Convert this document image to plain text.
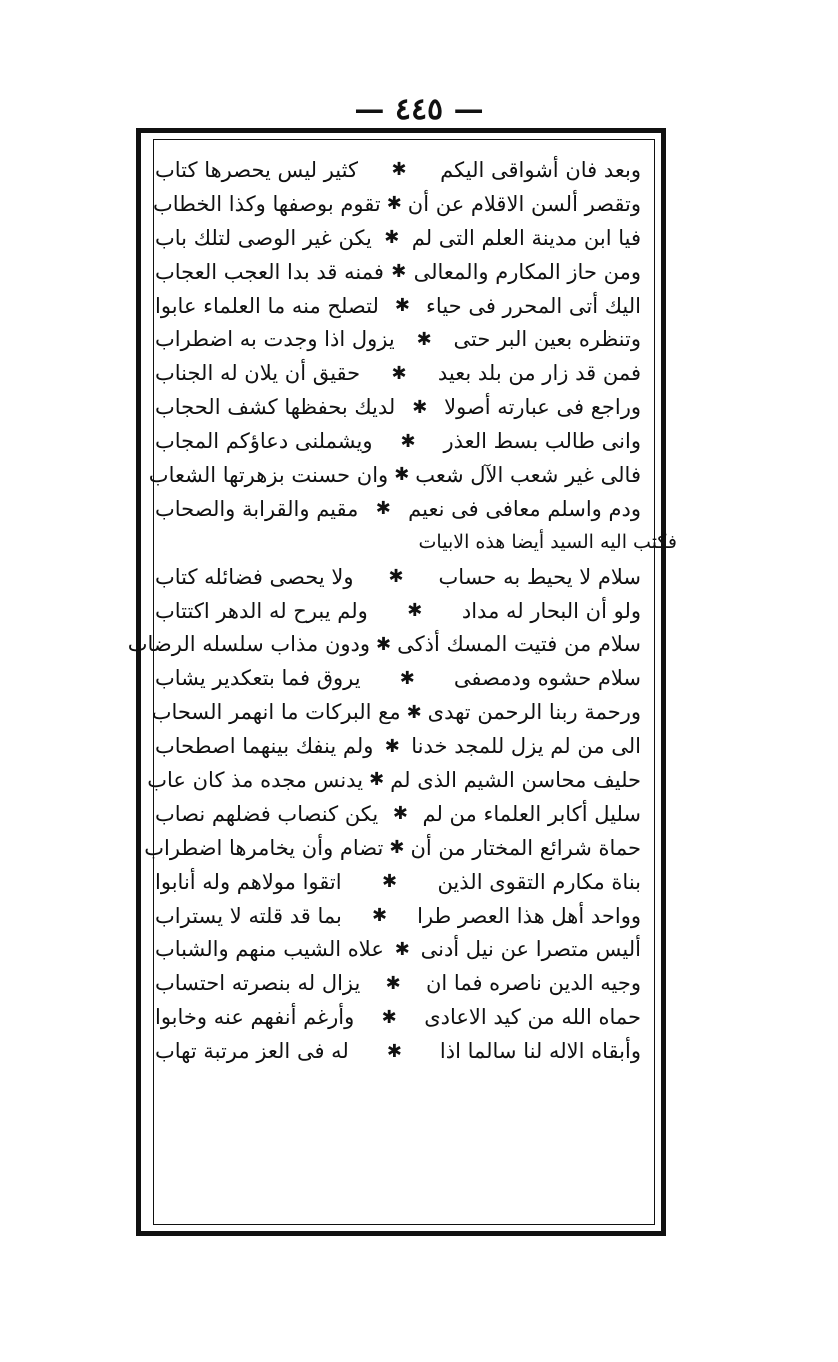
— ٤٤٥ —
وبعد فان أشواقى اليكم
✱
كثير ليس يحصرها كتاب
وتقصر ألسن الاقلام عن أن
✱
تقوم بوصفها وكذا الخطاب
فيا ابن مدينة العلم التى لم
✱
يكن غير الوصى لتلك باب
ومن حاز المكارم والمعالى
✱
فمنه قد بدا العجب العجاب
اليك أتى المحرر فى حياء
✱
لتصلح منه ما العلماء عابوا
وتنظره بعين البر حتى
✱
يزول اذا وجدت به اضطراب
فمن قد زار من بلد بعيد
✱
حقيق أن يلان له الجناب
وراجع فى عبارته أصولا
✱
لديك بحفظها كشف الحجاب
وانى طالب بسط العذر
✱
ويشملنى دعاؤكم المجاب
فالى غير شعب الآل شعب
✱
وان حسنت بزهرتها الشعاب
ودم واسلم معافى فى نعيم
✱
مقيم والقرابة والصحاب
فكتب اليه السيد أيضا هذه الابيات
سلام لا يحيط به حساب
✱
ولا يحصى فضائله كتاب
ولو أن البحار له مداد
✱
ولم يبرح له الدهر اكتتاب
سلام من فتيت المسك أذكى
✱
ودون مذاب سلسله الرضاب
سلام حشوه ودمصفى
✱
يروق فما بتعكدير يشاب
ورحمة ربنا الرحمن تهدى
✱
مع البركات ما انهمر السحاب
الى من لم يزل للمجد خدنا
✱
ولم ينفك بينهما اصطحاب
حليف محاسن الشيم الذى لم
✱
يدنس مجده مذ كان عاب
سليل أكابر العلماء من لم
✱
يكن كنصاب فضلهم نصاب
حماة شرائع المختار من أن
✱
تضام وأن يخامرها اضطراب
بناة مكارم التقوى الذين
✱
اتقوا مولاهم وله أنابوا
وواحد أهل هذا العصر طرا
✱
بما قد قلته لا يستراب
أليس متصرا عن نيل أدنى
✱
علاه الشيب منهم والشباب
وجيه الدين ناصره فما ان
✱
يزال له بنصرته احتساب
حماه الله من كيد الاعادى
✱
وأرغم أنفهم عنه وخابوا
وأبقاه الاله لنا سالما اذا
✱
له فى العز مرتبة تهاب
